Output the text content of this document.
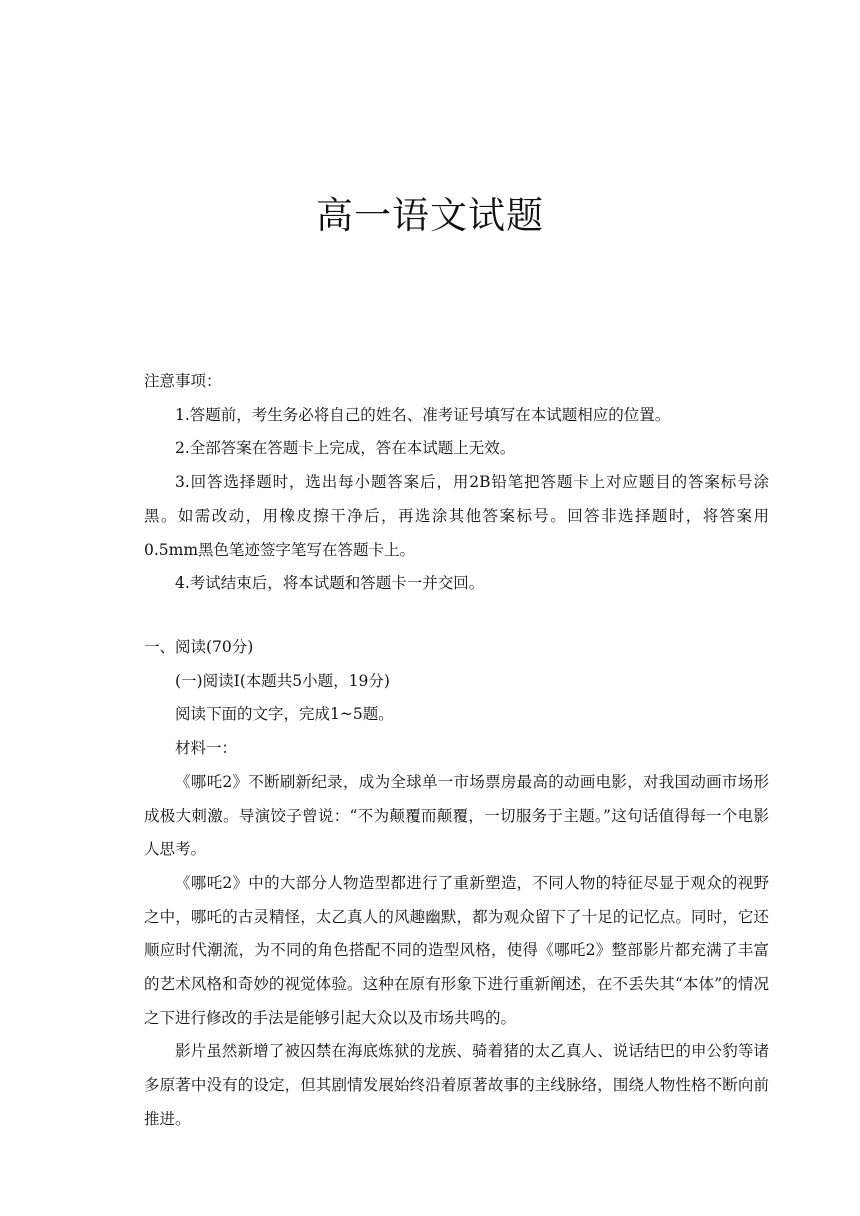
高一语文试题

注意事项：

1.答题前，考生务必将自己的姓名、准考证号填写在本试题相应的位置。

2.全部答案在答题卡上完成，答在本试题上无效。

3.回答选择题时，选出每小题答案后，用2B铅笔把答题卡上对应题目的答案标号涂黑。如需改动，用橡皮擦干净后，再选涂其他答案标号。回答非选择题时，将答案用0.5mm黑色笔迹签字笔写在答题卡上。

4.考试结束后，将本试题和答题卡一并交回。

一、阅读(70分)

(一)阅读Ⅰ(本题共5小题，19分)

阅读下面的文字，完成1~5题。

材料一：

《哪吒2》不断刷新纪录，成为全球单一市场票房最高的动画电影，对我国动画市场形成极大刺激。导演饺子曾说：“不为颠覆而颠覆，一切服务于主题。”这句话值得每一个电影人思考。

《哪吒2》中的大部分人物造型都进行了重新塑造，不同人物的特征尽显于观众的视野之中，哪吒的古灵精怪，太乙真人的风趣幽默，都为观众留下了十足的记忆点。同时，它还顺应时代潮流，为不同的角色搭配不同的造型风格，使得《哪吒2》整部影片都充满了丰富的艺术风格和奇妙的视觉体验。这种在原有形象下进行重新阐述，在不丢失其“本体”的情况之下进行修改的手法是能够引起大众以及市场共鸣的。

影片虽然新增了被囚禁在海底炼狱的龙族、骑着猪的太乙真人、说话结巴的申公豹等诸多原著中没有的设定，但其剧情发展始终沿着原著故事的主线脉络，围绕人物性格不断向前推进。
